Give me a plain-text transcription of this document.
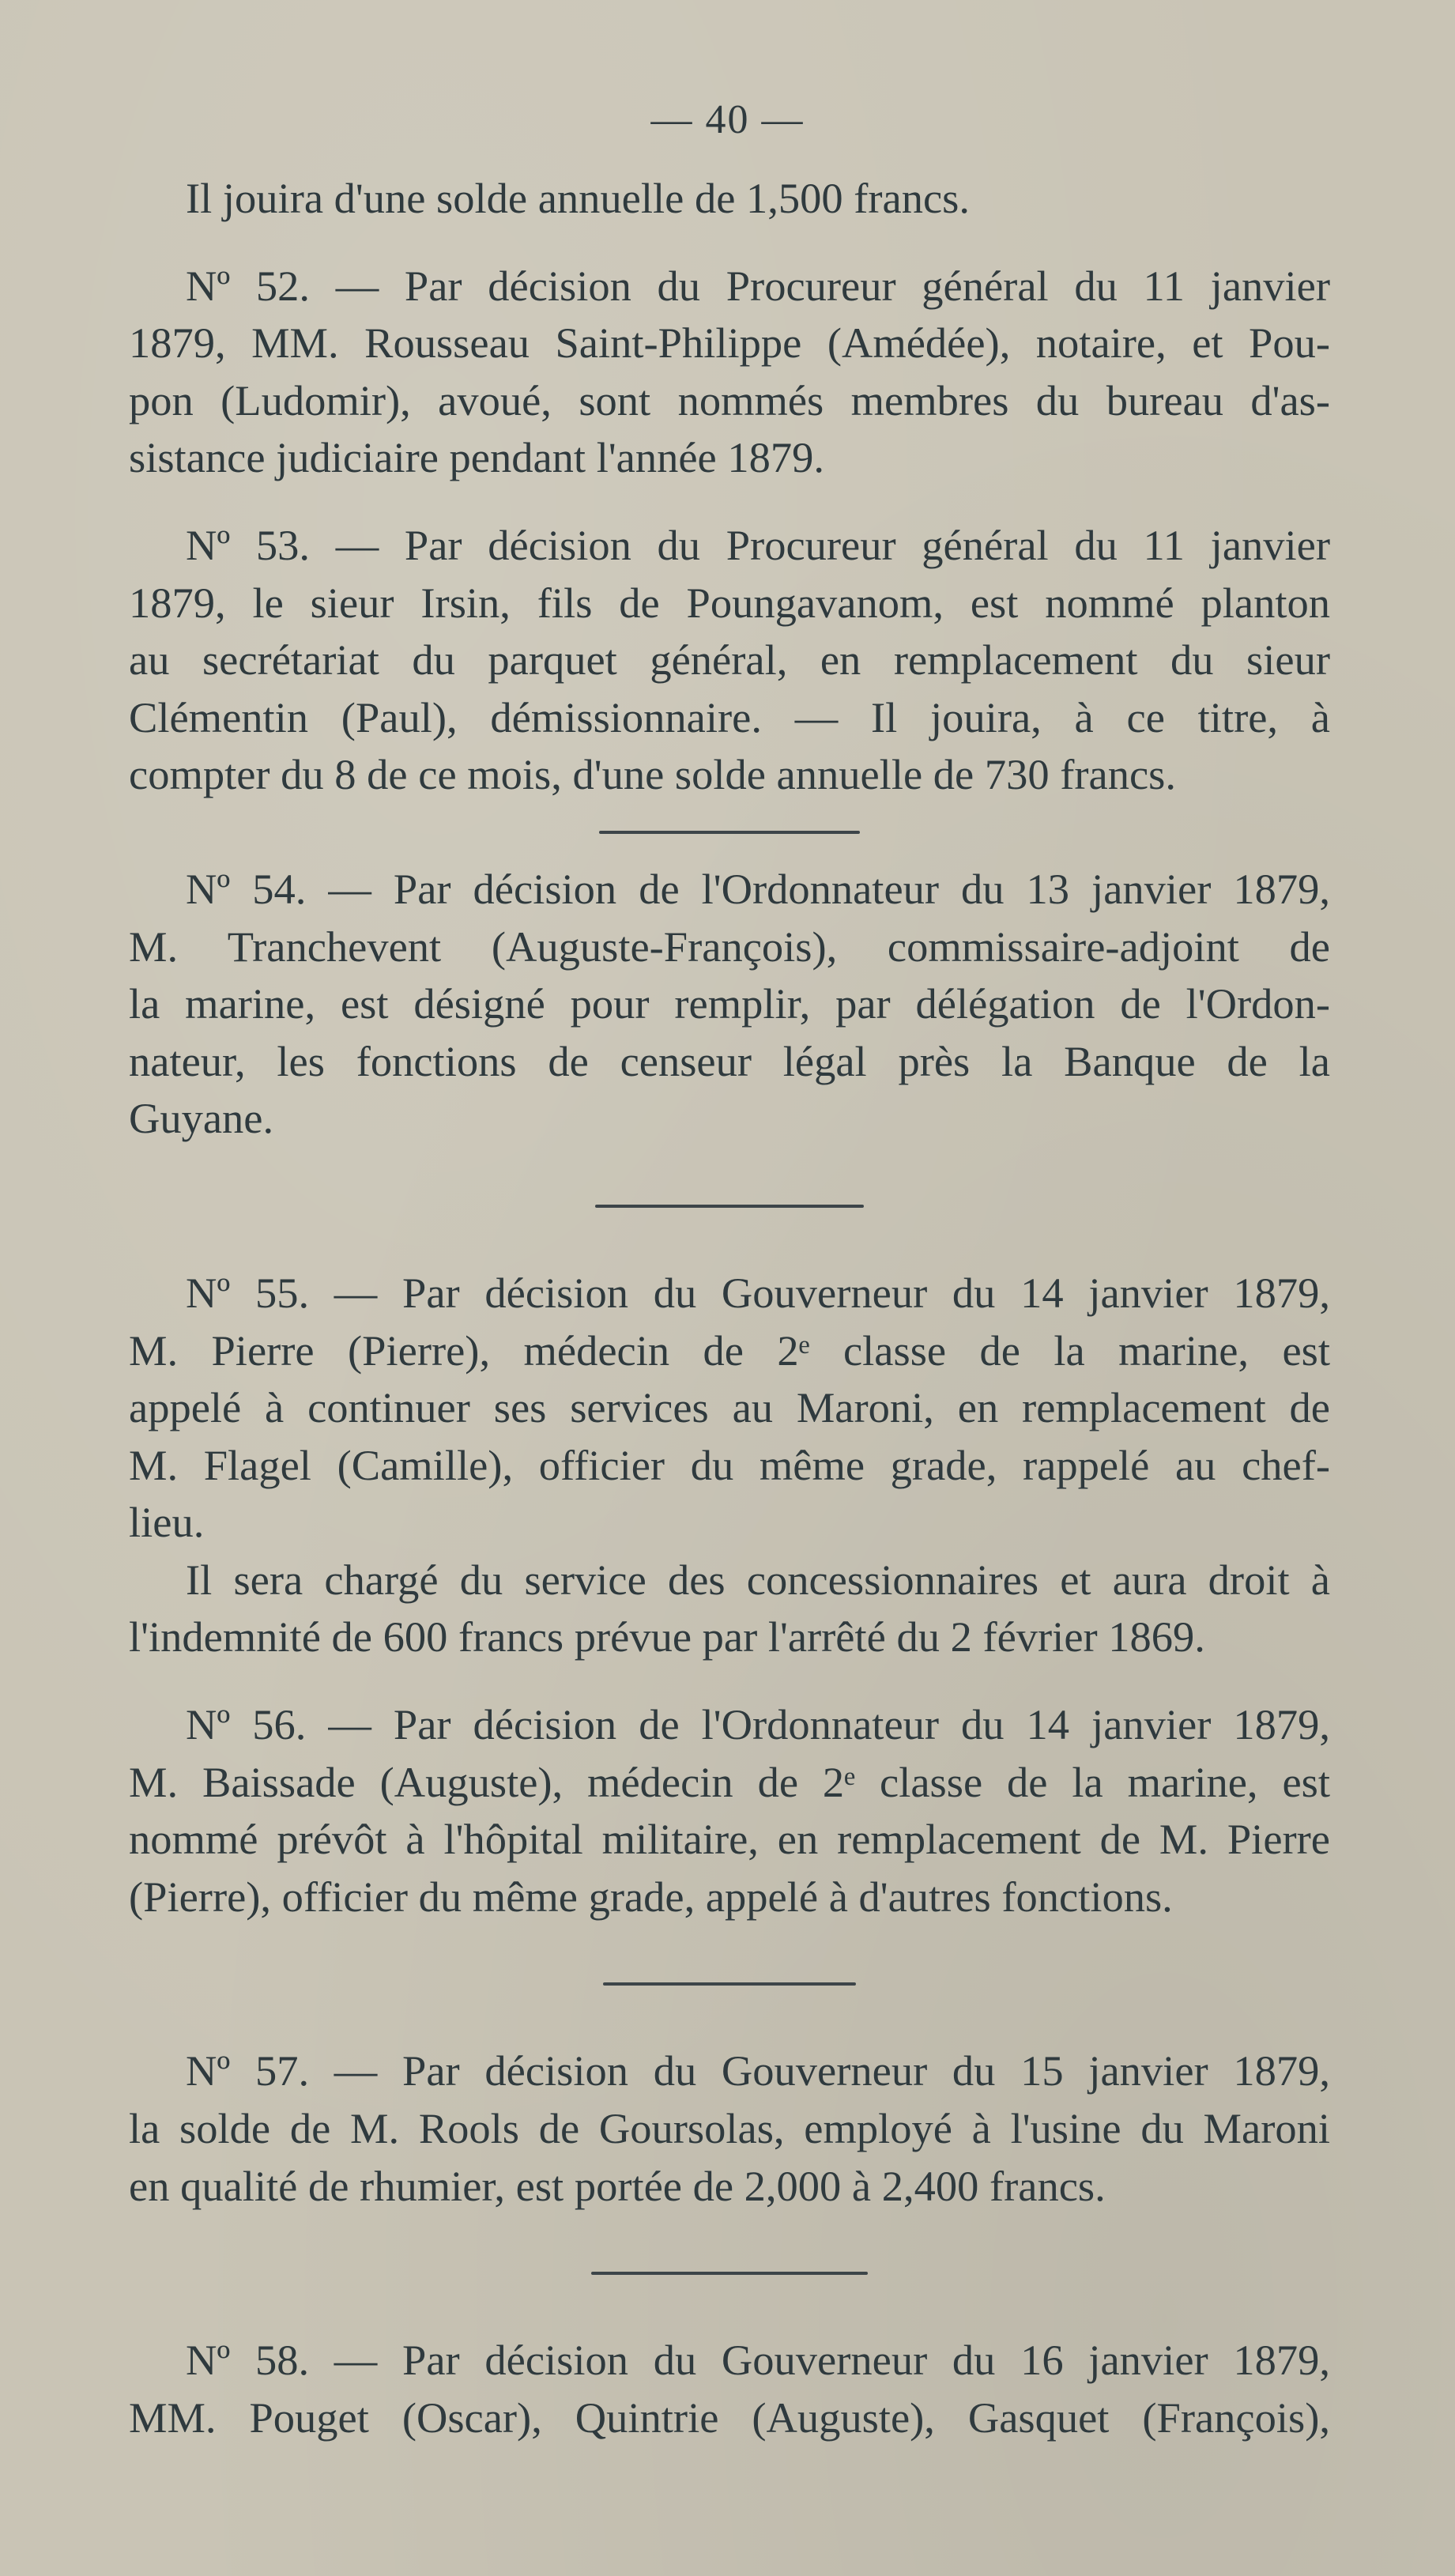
— 40 —

Il jouira d'une solde annuelle de 1,500 francs.

Nº 52. — Par décision du Procureur général du 11 janvier
1879, MM. Rousseau Saint-Philippe (Amédée), notaire, et Pou-
pon (Ludomir), avoué, sont nommés membres du bureau d'as-
sistance judiciaire pendant l'année 1879.

Nº 53. — Par décision du Procureur général du 11 janvier
1879, le sieur Irsin, fils de Poungavanom, est nommé planton
au secrétariat du parquet général, en remplacement du sieur
Clémentin (Paul), démissionnaire. — Il jouira, à ce titre, à
compter du 8 de ce mois, d'une solde annuelle de 730 francs.

Nº 54. — Par décision de l'Ordonnateur du 13 janvier 1879,
M. Tranchevent (Auguste-François), commissaire-adjoint de
la marine, est désigné pour remplir, par délégation de l'Ordon-
nateur, les fonctions de censeur légal près la Banque de la
Guyane.

Nº 55. — Par décision du Gouverneur du 14 janvier 1879,
M. Pierre (Pierre), médecin de 2ᵉ classe de la marine, est
appelé à continuer ses services au Maroni, en remplacement de
M. Flagel (Camille), officier du même grade, rappelé au chef-
lieu.

Il sera chargé du service des concessionnaires et aura droit à
l'indemnité de 600 francs prévue par l'arrêté du 2 février 1869.

Nº 56. — Par décision de l'Ordonnateur du 14 janvier 1879,
M. Baissade (Auguste), médecin de 2ᵉ classe de la marine, est
nommé prévôt à l'hôpital militaire, en remplacement de M. Pierre
(Pierre), officier du même grade, appelé à d'autres fonctions.

Nº 57. — Par décision du Gouverneur du 15 janvier 1879,
la solde de M. Rools de Goursolas, employé à l'usine du Maroni
en qualité de rhumier, est portée de 2,000 à 2,400 francs.

Nº 58. — Par décision du Gouverneur du 16 janvier 1879,
MM. Pouget (Oscar), Quintrie (Auguste), Gasquet (François),
